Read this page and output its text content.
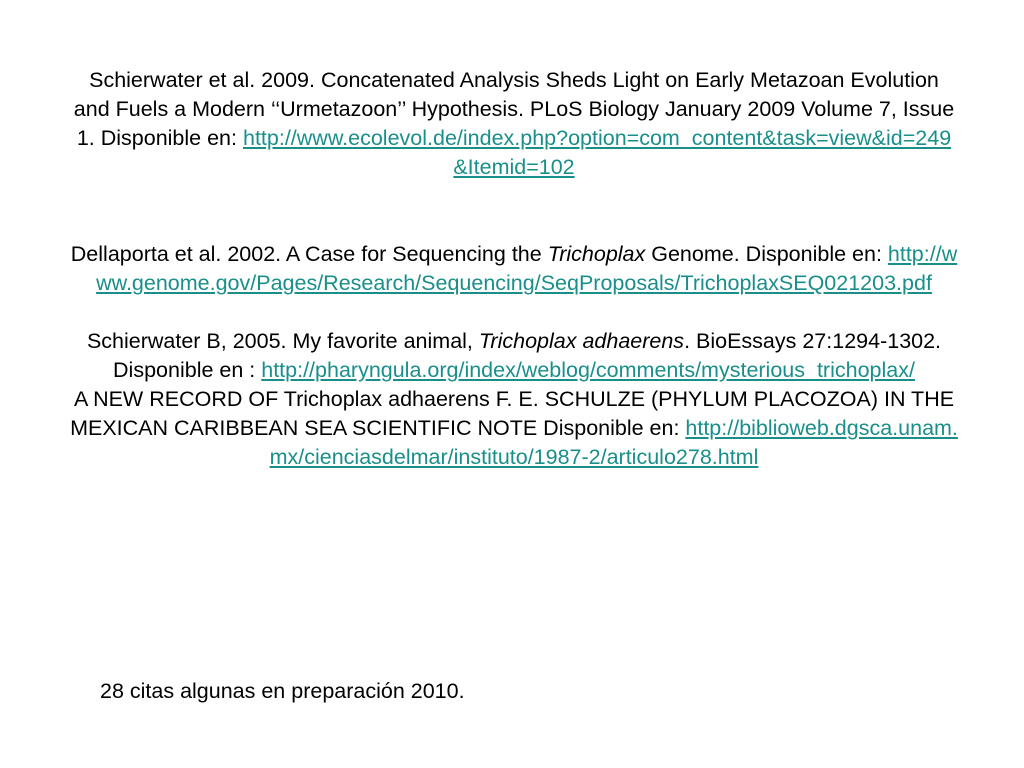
Schierwater et al. 2009. Concatenated Analysis Sheds Light on Early Metazoan Evolution and Fuels a Modern ‘‘Urmetazoon’’ Hypothesis. PLoS Biology January 2009 Volume 7, Issue 1. Disponible en: http://www.ecolevol.de/index.php?option=com_content&task=view&id=249&Itemid=102

Dellaporta et al. 2002. A Case for Sequencing the Trichoplax Genome. Disponible en: http://www.genome.gov/Pages/Research/Sequencing/SeqProposals/TrichoplaxSEQ021203.pdf

Schierwater B, 2005. My favorite animal, Trichoplax adhaerens. BioEssays 27:1294-1302. Disponible en : http://pharyngula.org/index/weblog/comments/mysterious_trichoplax/

A NEW RECORD OF Trichoplax adhaerens F. E. SCHULZE (PHYLUM PLACOZOA) IN THE MEXICAN CARIBBEAN SEA SCIENTIFIC NOTE Disponible en: http://biblioweb.dgsca.unam.mx/cienciasdelmar/instituto/1987-2/articulo278.html

28 citas algunas en preparación 2010.
